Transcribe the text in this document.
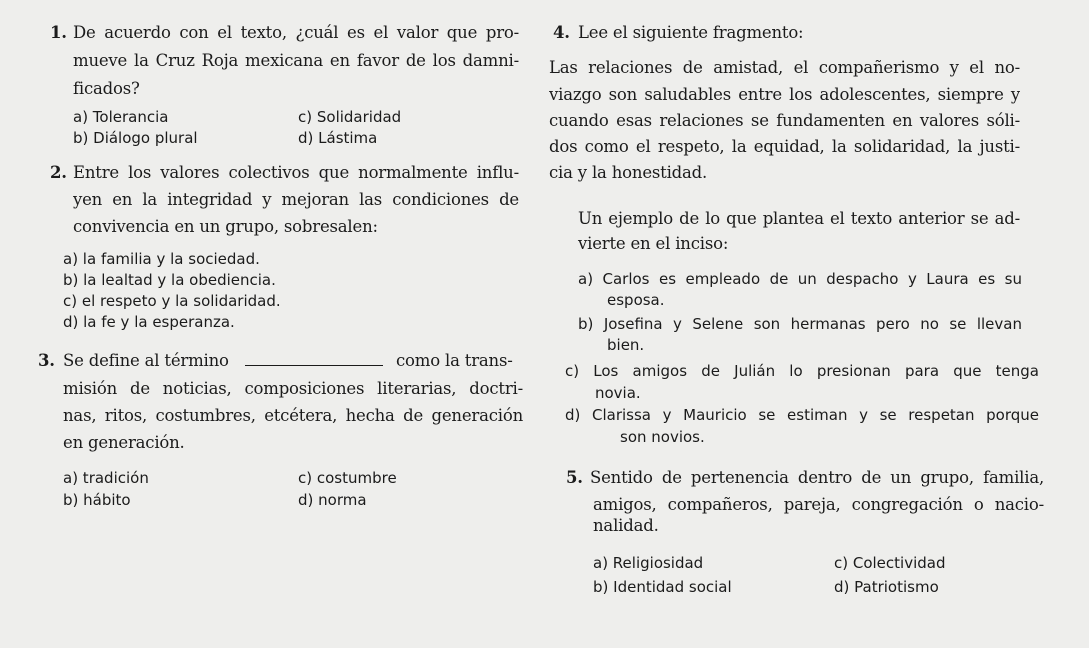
1. De acuerdo con el texto, ¿cuál es el valor que pro-
mueve la Cruz Roja mexicana en favor de los damni-
ficados?
a) Tolerancia
b) Diálogo plural
c) Solidaridad
d) Lástima
2. Entre los valores colectivos que normalmente influ-
yen en la integridad y mejoran las condiciones de
convivencia en un grupo, sobresalen:
a) la familia y la sociedad.
b) la lealtad y la obediencia.
c) el respeto y la solidaridad.
d) la fe y la esperanza.
3. Se define al término	como la trans-
misión de noticias, composiciones literarias, doctri-
nas, ritos, costumbres, etcétera, hecha de generación
en generación.
a) tradición
b) hábito
c) costumbre
d) norma
4. Lee el siguiente fragmento:
Las relaciones de amistad, el compañerismo y el no-
viazgo son saludables entre los adolescentes, siempre y
cuando esas relaciones se fundamenten en valores sóli-
dos como el respeto, la equidad, la solidaridad, la justi-
cia y la honestidad.
Un ejemplo de lo que plantea el texto anterior se ad-
vierte en el inciso:
a) Carlos es empleado de un despacho y Laura es su
esposa.
b) Josefina y Selene son hermanas pero no se llevan
bien.
c) Los amigos de Julián lo presionan para que tenga
novia.
d) Clarissa y Mauricio se estiman y se respetan porque
son novios.
5. Sentido de pertenencia dentro de un grupo, familia,
amigos, compañeros, pareja, congregación o nacio-
nalidad.
a) Religiosidad
b) Identidad social
c) Colectividad
d) Patriotismo
